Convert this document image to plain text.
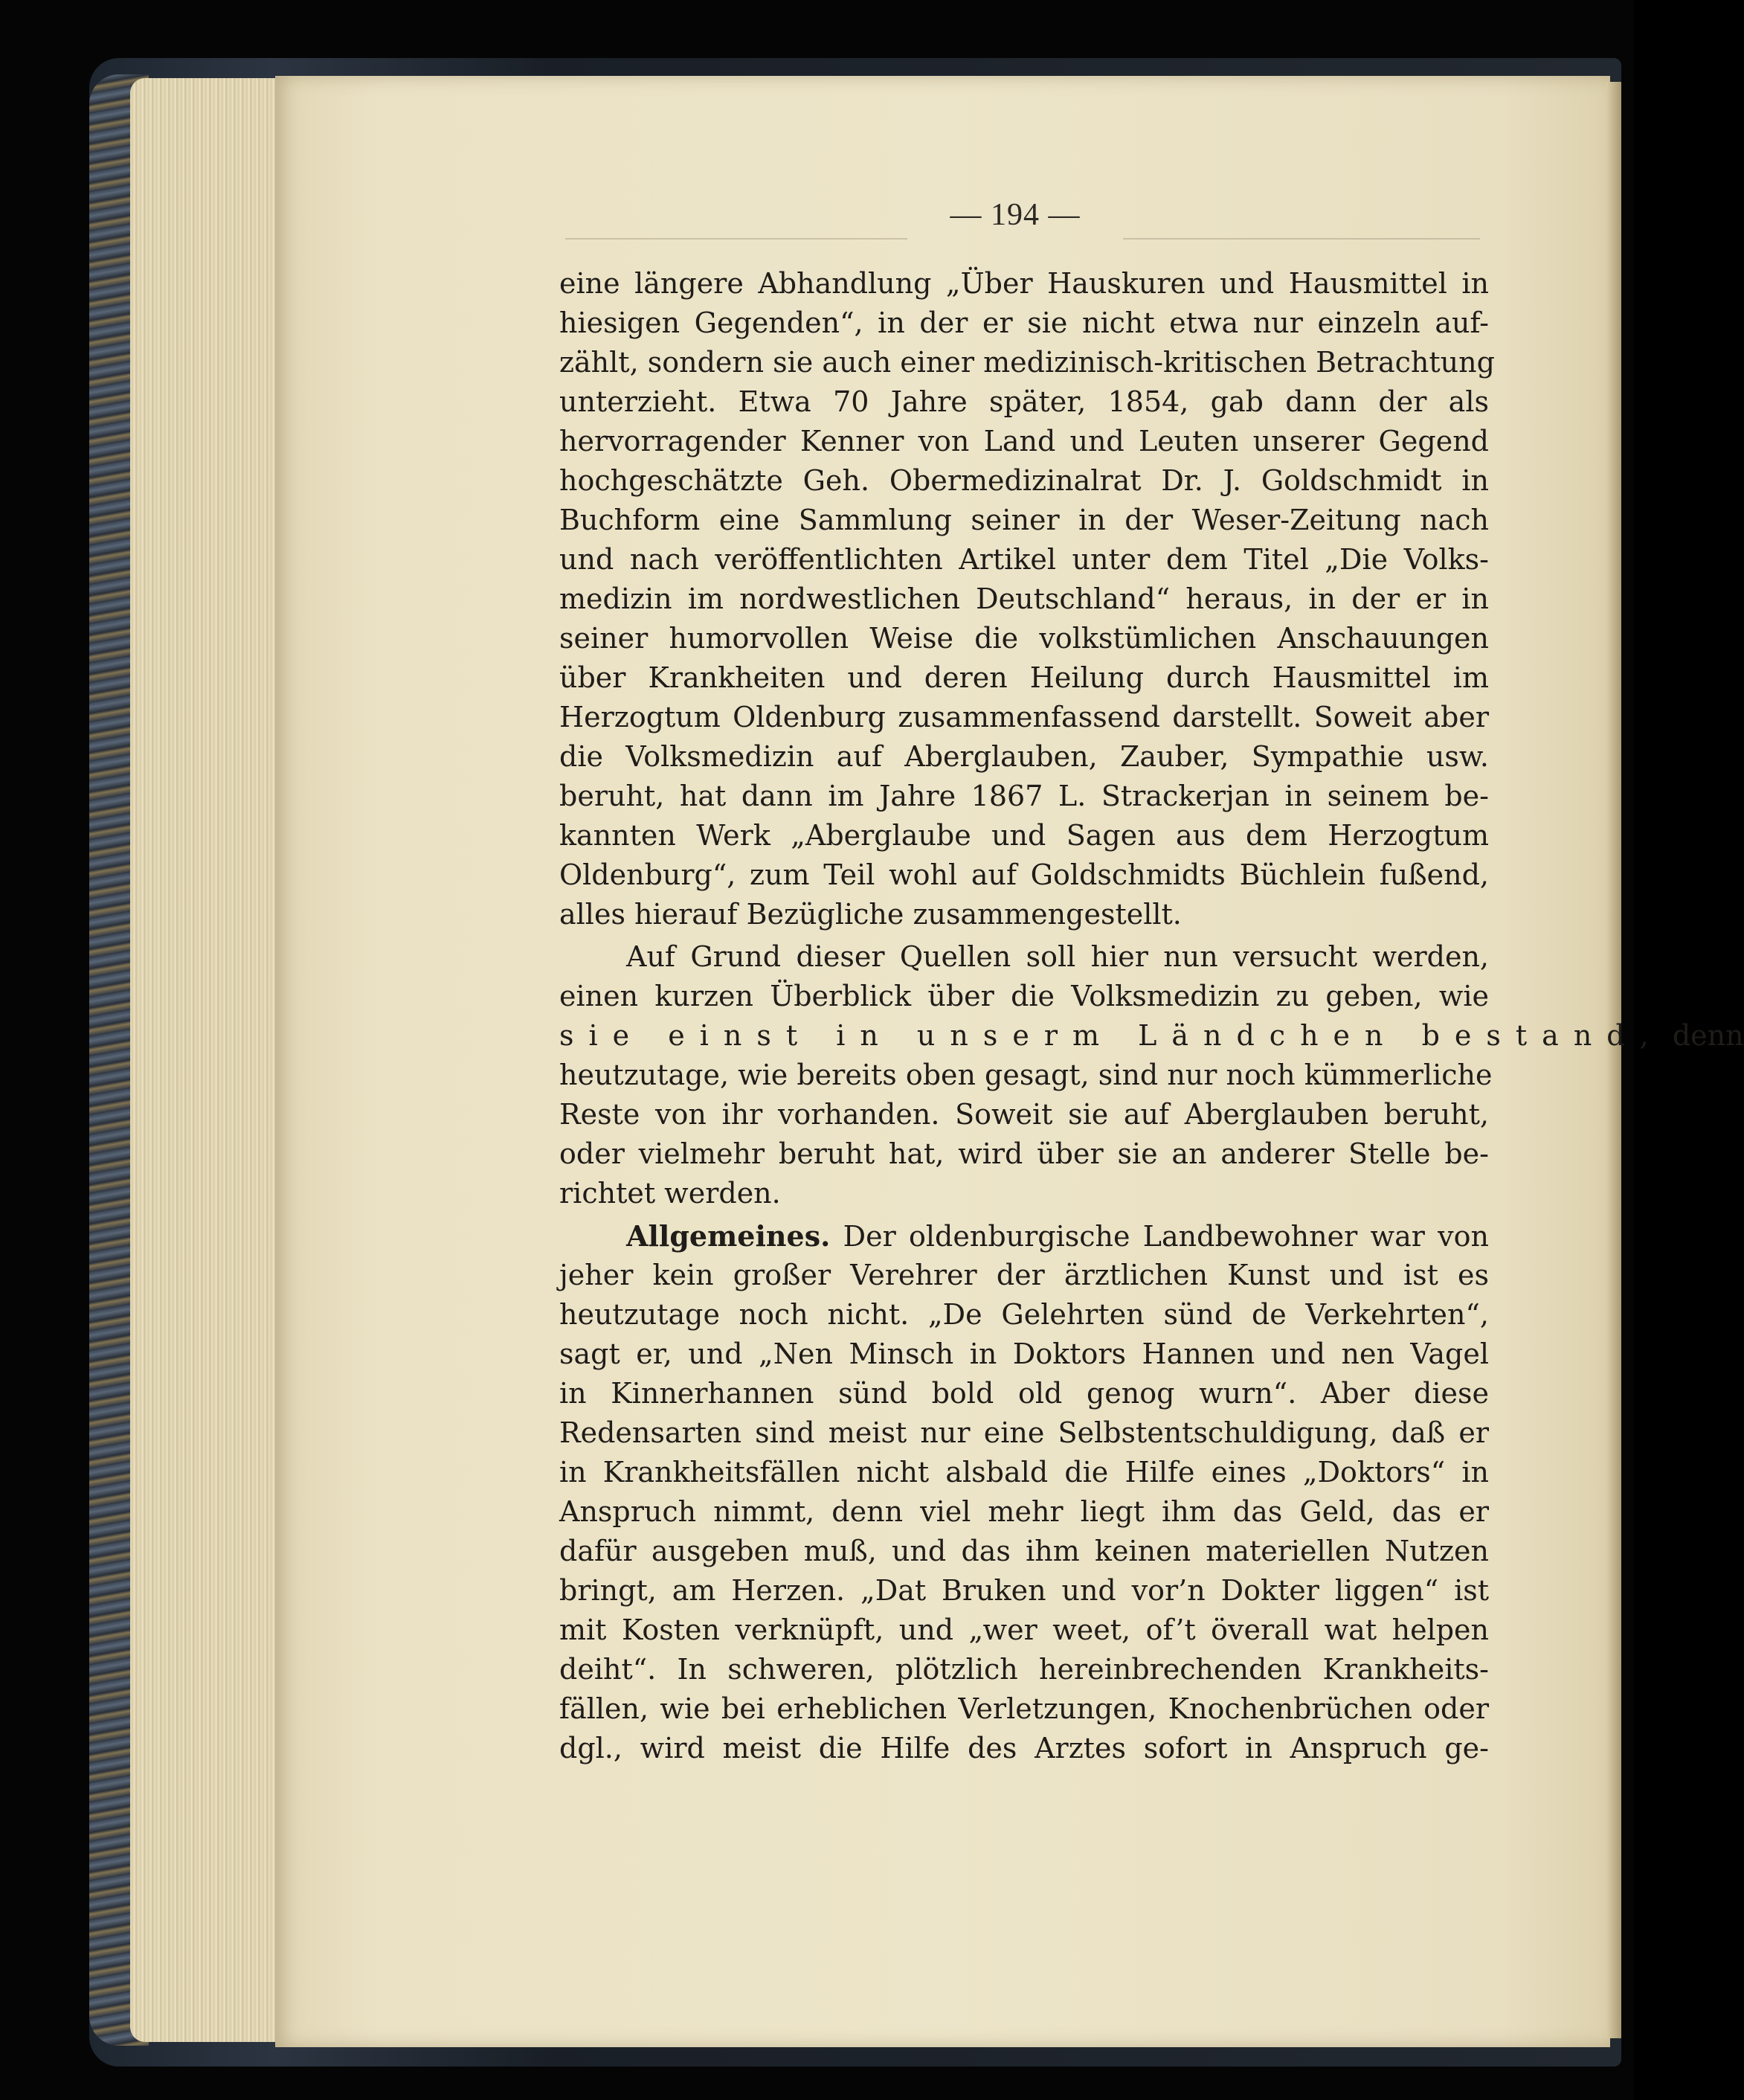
— 194 —
eine längere Abhandlung „Über Hauskuren und Hausmittel in
hiesigen Gegenden“, in der er sie nicht etwa nur einzeln auf-
zählt, sondern sie auch einer medizinisch-kritischen Betrachtung
unterzieht. Etwa 70 Jahre später, 1854, gab dann der als
hervorragender Kenner von Land und Leuten unserer Gegend
hochgeschätzte Geh. Obermedizinalrat Dr. J. Goldschmidt in
Buchform eine Sammlung seiner in der Weser-Zeitung nach
und nach veröffentlichten Artikel unter dem Titel „Die Volks-
medizin im nordwestlichen Deutschland“ heraus, in der er in
seiner humorvollen Weise die volkstümlichen Anschauungen
über Krankheiten und deren Heilung durch Hausmittel im
Herzogtum Oldenburg zusammenfassend darstellt. Soweit aber
die Volksmedizin auf Aberglauben, Zauber, Sympathie usw.
beruht, hat dann im Jahre 1867 L. Strackerjan in seinem be-
kannten Werk „Aberglaube und Sagen aus dem Herzogtum
Oldenburg“, zum Teil wohl auf Goldschmidts Büchlein fußend,
alles hierauf Bezügliche zusammengestellt.
Auf Grund dieser Quellen soll hier nun versucht werden,
einen kurzen Überblick über die Volksmedizin zu geben, wie
sie einst in unserm Ländchen bestand, denn
heutzutage, wie bereits oben gesagt, sind nur noch kümmerliche
Reste von ihr vorhanden. Soweit sie auf Aberglauben beruht,
oder vielmehr beruht hat, wird über sie an anderer Stelle be-
richtet werden.
Allgemeines. Der oldenburgische Landbewohner war von
jeher kein großer Verehrer der ärztlichen Kunst und ist es
heutzutage noch nicht. „De Gelehrten sünd de Verkehrten“,
sagt er, und „Nen Minsch in Doktors Hannen und nen Vagel
in Kinnerhannen sünd bold old genog wurn“. Aber diese
Redensarten sind meist nur eine Selbstentschuldigung, daß er
in Krankheitsfällen nicht alsbald die Hilfe eines „Doktors“ in
Anspruch nimmt, denn viel mehr liegt ihm das Geld, das er
dafür ausgeben muß, und das ihm keinen materiellen Nutzen
bringt, am Herzen. „Dat Bruken und vor’n Dokter liggen“ ist
mit Kosten verknüpft, und „wer weet, of’t överall wat helpen
deiht“. In schweren, plötzlich hereinbrechenden Krankheits-
fällen, wie bei erheblichen Verletzungen, Knochenbrüchen oder
dgl., wird meist die Hilfe des Arztes sofort in Anspruch ge-
